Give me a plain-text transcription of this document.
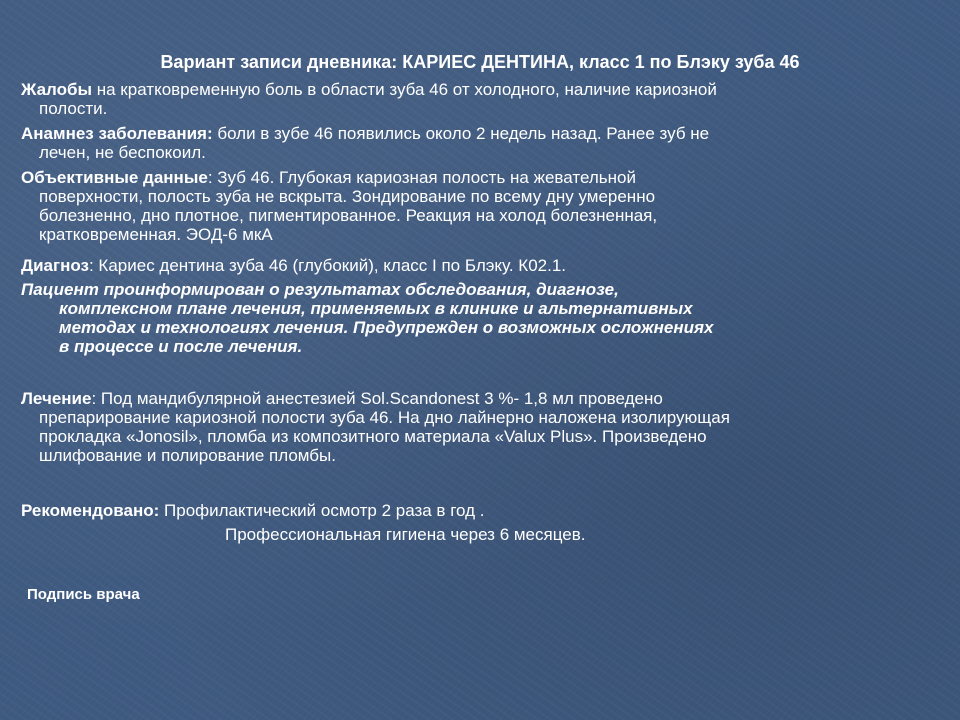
Вариант записи дневника: КАРИЕС ДЕНТИНА, класс 1 по Блэку зуба 46
Жалобы на кратковременную боль в области зуба 46 от холодного, наличие кариозной
полости.
Анамнез заболевания: боли в зубе 46 появились около 2 недель назад. Ранее зуб не
лечен, не беспокоил.
Объективные данные: Зуб 46. Глубокая кариозная полость на жевательной
поверхности, полость зуба не вскрыта. Зондирование по всему дну умеренно
болезненно, дно плотное, пигментированное. Реакция на холод болезненная,
кратковременная. ЭОД-6 мкА
Диагноз: Кариес дентина зуба 46 (глубокий), класс I по Блэку. К02.1.
Пациент проинформирован о результатах обследования, диагнозе,
комплексном плане лечения, применяемых в клинике и альтернативных
методах и технологиях лечения. Предупрежден о возможных осложнениях
в процессе и после лечения.
Лечение: Под мандибулярной анестезией Sol.Scandonest 3 %- 1,8 мл проведено
препарирование кариозной полости зуба 46. На дно лайнерно наложена изолирующая
прокладка «Jonosil», пломба из композитного материала «Valux Plus». Произведено
шлифование и полирование пломбы.
Рекомендовано: Профилактический осмотр 2 раза в год .
Профессиональная гигиена через 6 месяцев.
Подпись врача
